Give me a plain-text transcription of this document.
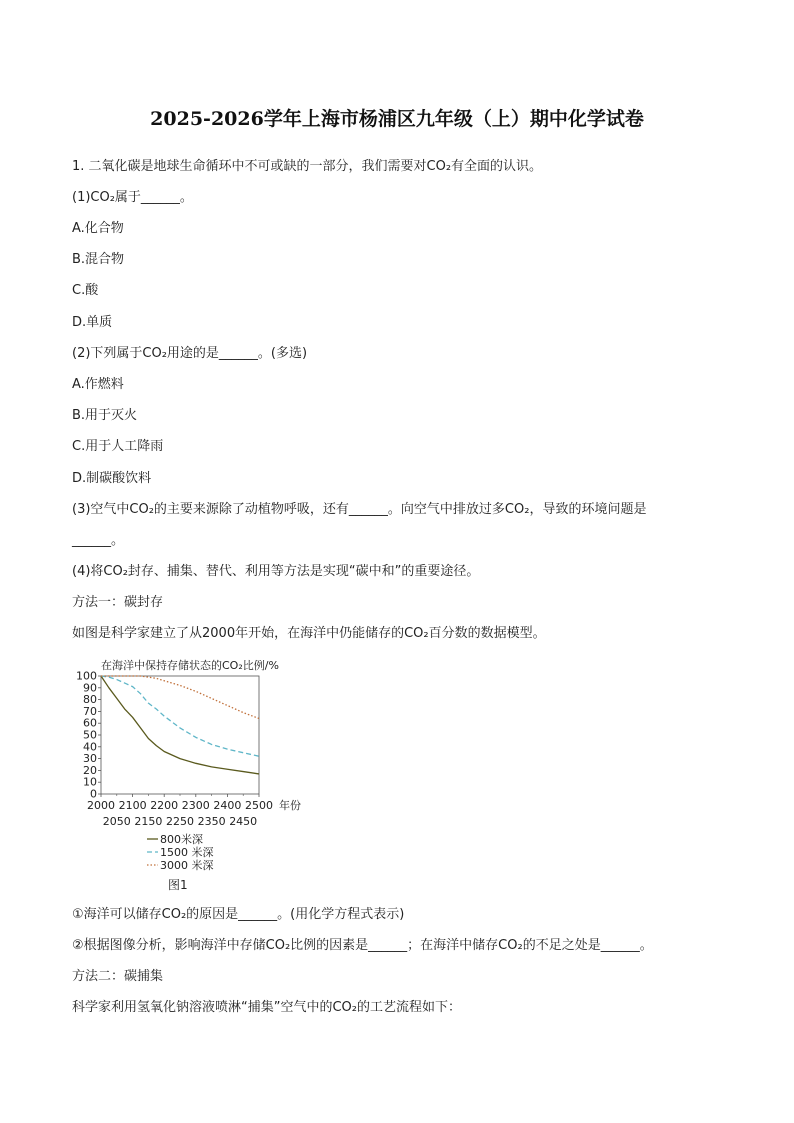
2025-2026学年上海市杨浦区九年级（上）期中化学试卷
1. 二氧化碳是地球生命循环中不可或缺的一部分，我们需要对CO₂有全面的认识。
(1)CO₂属于______。
A.化合物
B.混合物
C.酸
D.单质
(2)下列属于CO₂用途的是______。(多选)
A.作燃料
B.用于灭火
C.用于人工降雨
D.制碳酸饮料
(3)空气中CO₂的主要来源除了动植物呼吸，还有______。向空气中排放过多CO₂，导致的环境问题是
______。
(4)将CO₂封存、捕集、替代、利用等方法是实现“碳中和”的重要途径。
方法一：碳封存
如图是科学家建立了从2000年开始，在海洋中仍能储存的CO₂百分数的数据模型。
在海洋中保持存储状态的CO₂比例/%
0
10
20
30
40
50
60
70
80
90
100
2000 2100 2200 2300 2400 2500
2050 2150 2250 2350 2450
年份
800米深
1500 米深
3000 米深
图1
①海洋可以储存CO₂的原因是______。(用化学方程式表示)
②根据图像分析，影响海洋中存储CO₂比例的因素是______；在海洋中储存CO₂的不足之处是______。
方法二：碳捕集
科学家利用氢氧化钠溶液喷淋“捕集”空气中的CO₂的工艺流程如下：
